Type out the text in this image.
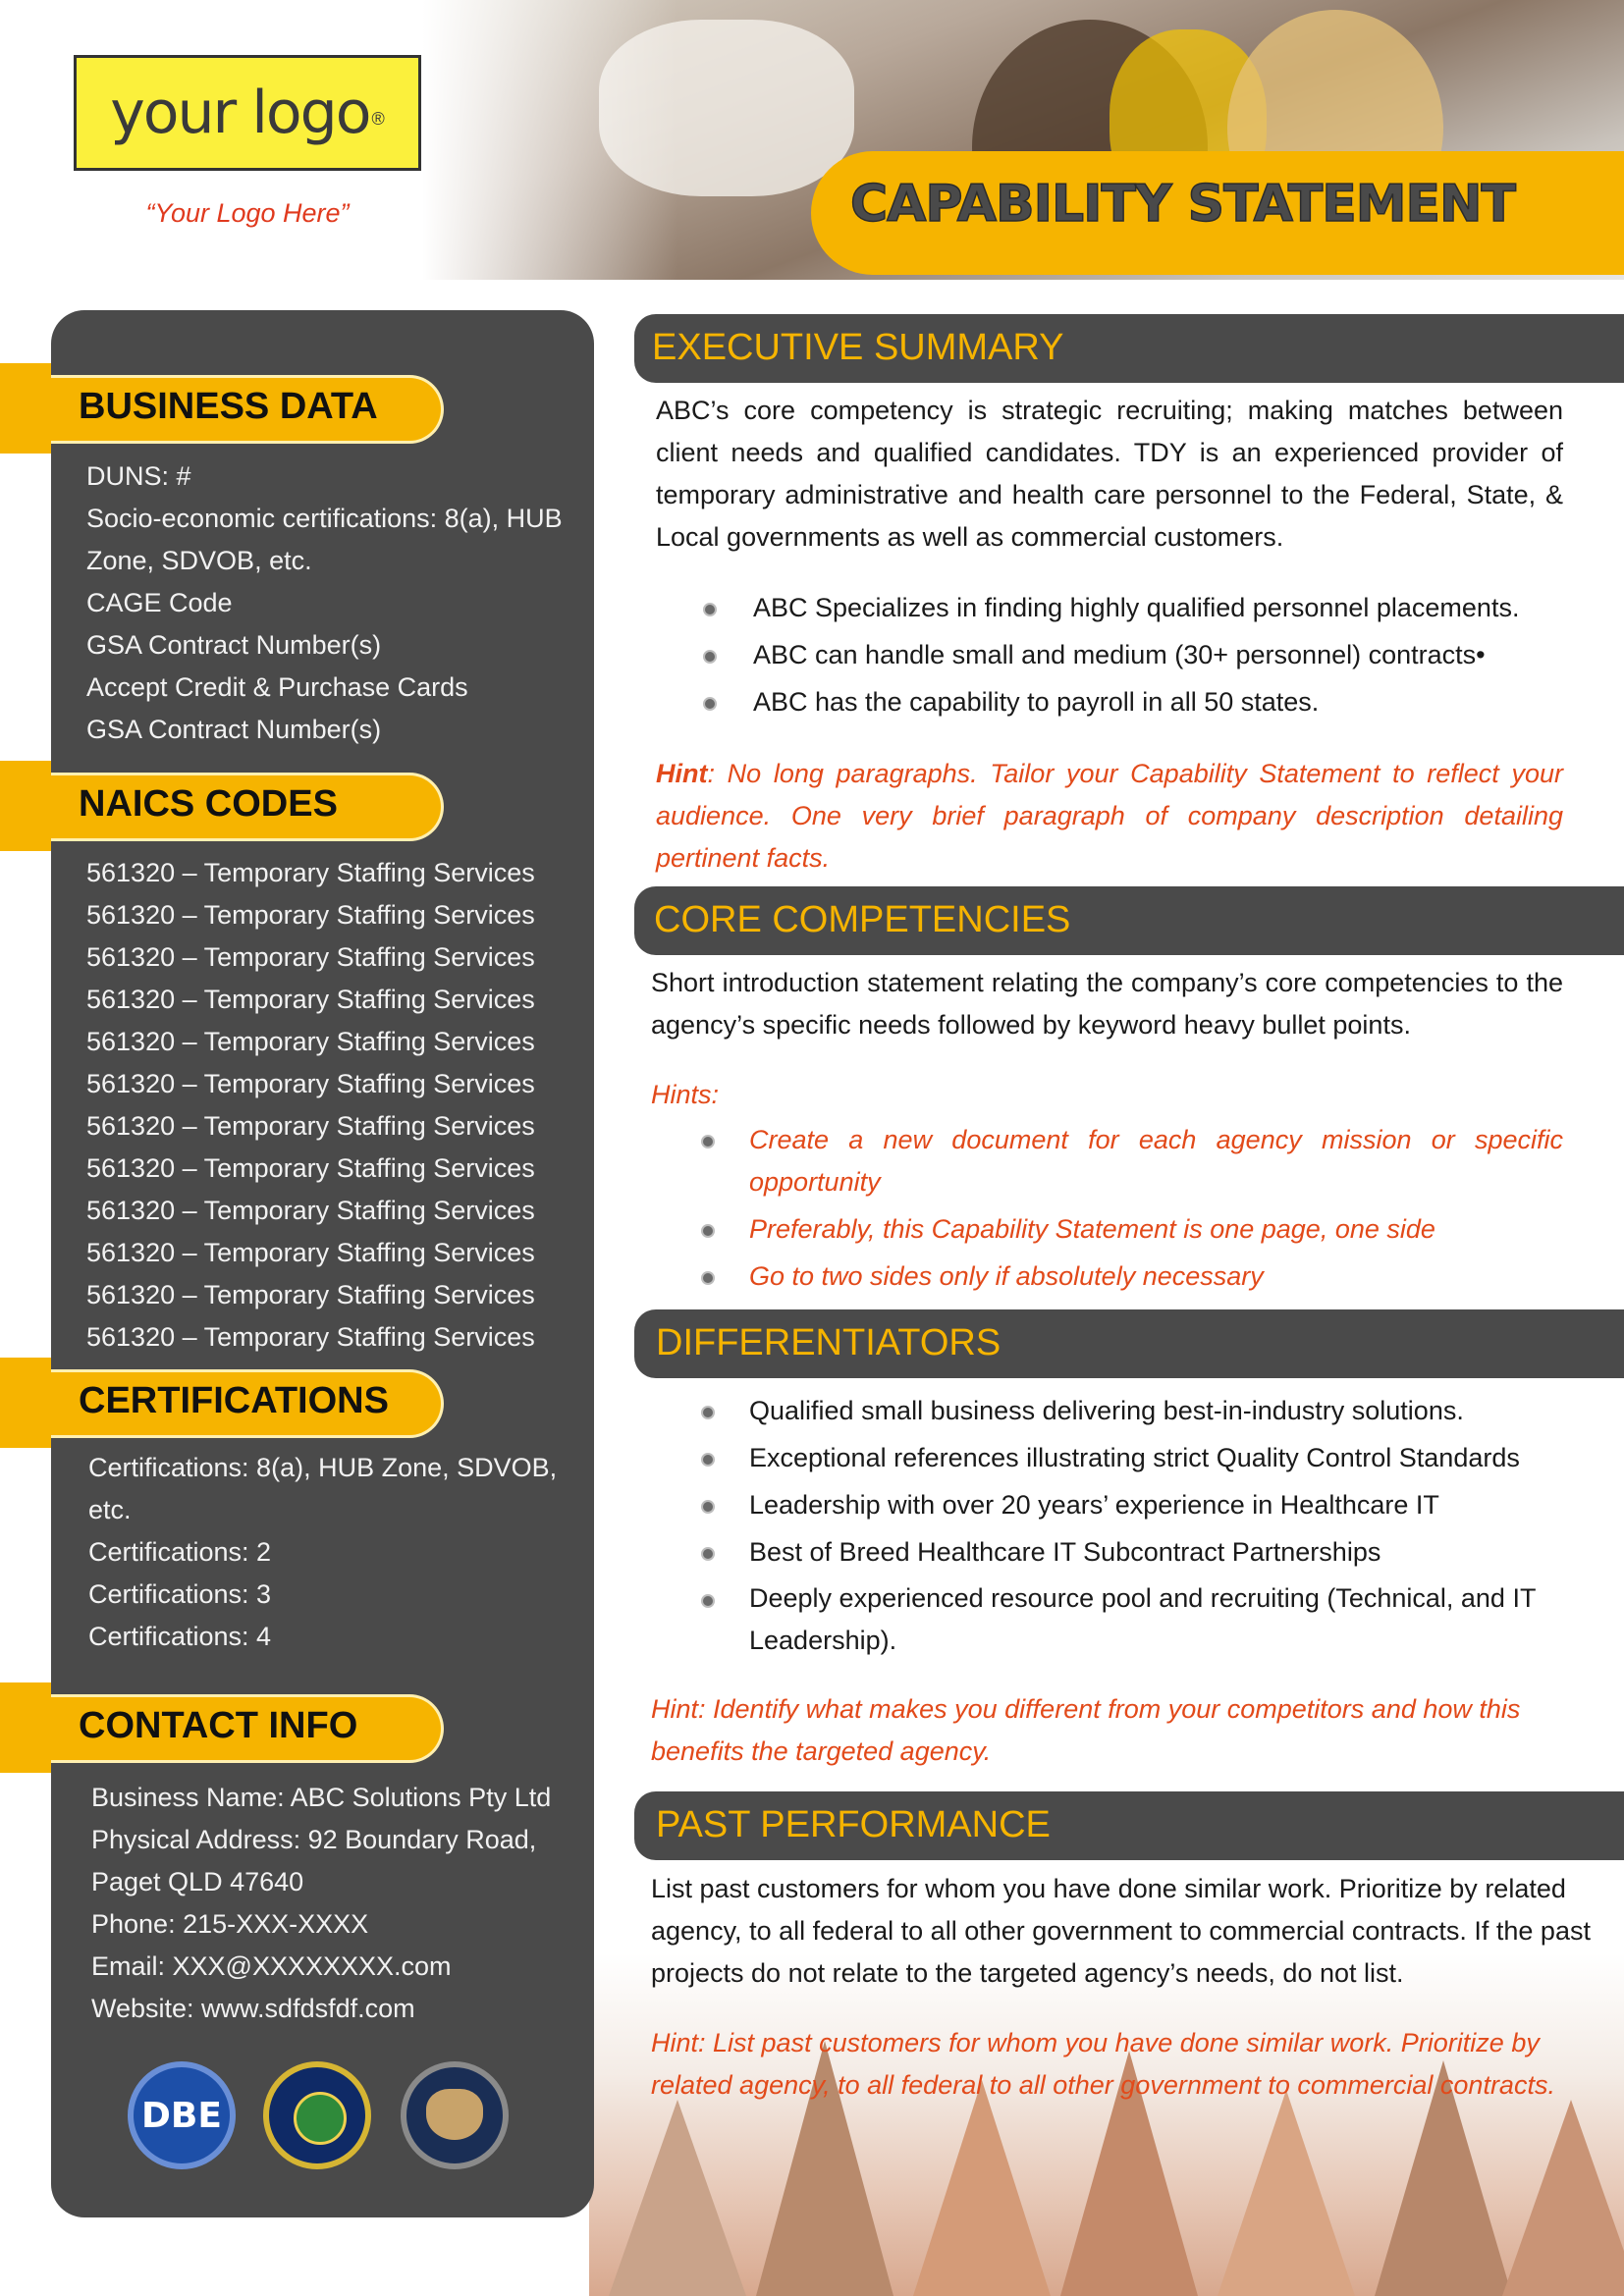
your logo ®
“Your Logo Here”	CAPABILITY STATEMENT
BUSINESS DATA
DUNS: #
Socio-economic certifications: 8(a), HUB
Zone, SDVOB, etc.
CAGE Code
GSA Contract Number(s)
Accept Credit & Purchase Cards
GSA Contract Number(s)
NAICS CODES
561320 – Temporary Staffing Services
561320 – Temporary Staffing Services
561320 – Temporary Staffing Services
561320 – Temporary Staffing Services
561320 – Temporary Staffing Services
561320 – Temporary Staffing Services
561320 – Temporary Staffing Services
561320 – Temporary Staffing Services
561320 – Temporary Staffing Services
561320 – Temporary Staffing Services
561320 – Temporary Staffing Services
561320 – Temporary Staffing Services
CERTIFICATIONS
Certifications: 8(a), HUB Zone, SDVOB,
etc.
Certifications: 2
Certifications: 3
Certifications: 4
CONTACT INFO
Business Name: ABC Solutions Pty Ltd
Physical Address: 92 Boundary Road,
Paget QLD 47640
Phone: 215-XXX-XXXX
Email: XXX@XXXXXXXX.com
Website: www.sdfdsfdf.com
DBE
EXECUTIVE SUMMARY
ABC’s core competency is strategic recruiting; making matches between client needs and qualified candidates. TDY is an experienced provider of temporary administrative and health care personnel to the Federal, State, & Local governments as well as commercial customers.
ABC Specializes in finding highly qualified personnel placements.
ABC can handle small and medium (30+ personnel) contracts•
ABC has the capability to payroll in all 50 states.
Hint: No long paragraphs. Tailor your Capability Statement to reflect your audience. One very brief paragraph of company description detailing pertinent facts.
CORE COMPETENCIES
Short introduction statement relating the company’s core competencies to the agency’s specific needs followed by keyword heavy bullet points.
Hints:
Create a new document for each agency mission or specific opportunity
Preferably, this Capability Statement is one page, one side
Go to two sides only if absolutely necessary
DIFFERENTIATORS
Qualified small business delivering best-in-industry solutions.
Exceptional references illustrating strict Quality Control Standards
Leadership with over 20 years’ experience in Healthcare IT
Best of Breed Healthcare IT Subcontract Partnerships
Deeply experienced resource pool and recruiting (Technical, and IT Leadership).
Hint: Identify what makes you different from your competitors and how this benefits the targeted agency.
PAST PERFORMANCE
List past customers for whom you have done similar work. Prioritize by related agency, to all federal to all other government to commercial contracts. If the past projects do not relate to the targeted agency’s needs, do not list.
Hint: List past customers for whom you have done similar work. Prioritize by related agency, to all federal to all other government to commercial contracts.
